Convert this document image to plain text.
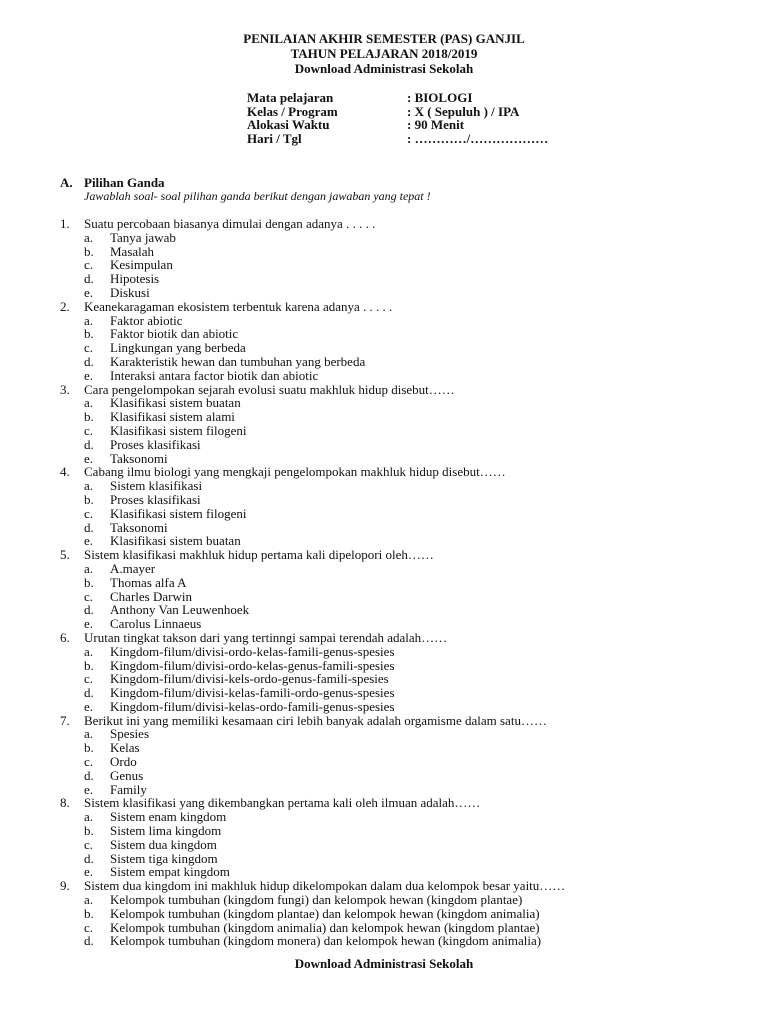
PENILAIAN AKHIR SEMESTER (PAS) GANJIL
TAHUN PELAJARAN 2018/2019
Download Administrasi Sekolah
Mata pelajaran	: BIOLOGI
Kelas / Program	: X ( Sepuluh ) / IPA
Alokasi Waktu	: 90 Menit
Hari / Tgl	: …………/………………
A. Pilihan Ganda
Jawablah soal- soal pilihan ganda berikut dengan jawaban yang tepat !
1.	Suatu percobaan biasanya dimulai dengan adanya . . . . .
a.	Tanya jawab
b.	Masalah
c.	Kesimpulan
d.	Hipotesis
e.	Diskusi
2.	Keanekaragaman ekosistem terbentuk karena adanya . . . . .
a.	Faktor abiotic
b.	Faktor biotik dan abiotic
c.	Lingkungan yang berbeda
d.	Karakteristik hewan dan tumbuhan yang berbeda
e.	Interaksi antara factor biotik dan abiotic
3.	Cara pengelompokan sejarah evolusi suatu makhluk hidup disebut……
a.	Klasifikasi sistem buatan
b.	Klasifikasi sistem alami
c.	Klasifikasi sistem filogeni
d.	Proses klasifikasi
e.	Taksonomi
4.	Cabang ilmu biologi yang mengkaji pengelompokan makhluk hidup disebut……
a.	Sistem klasifikasi
b.	Proses klasifikasi
c.	Klasifikasi sistem filogeni
d.	Taksonomi
e.	Klasifikasi sistem buatan
5.	Sistem klasifikasi makhluk hidup pertama kali dipelopori oleh……
a.	A.mayer
b.	Thomas alfa A
c.	Charles Darwin
d.	Anthony Van Leuwenhoek
e.	Carolus Linnaeus
6.	Urutan tingkat takson dari yang tertinngi sampai terendah adalah……
a.	Kingdom-filum/divisi-ordo-kelas-famili-genus-spesies
b.	Kingdom-filum/divisi-ordo-kelas-genus-famili-spesies
c.	Kingdom-filum/divisi-kels-ordo-genus-famili-spesies
d.	Kingdom-filum/divisi-kelas-famili-ordo-genus-spesies
e.	Kingdom-filum/divisi-kelas-ordo-famili-genus-spesies
7.	Berikut ini yang memiliki kesamaan ciri lebih banyak adalah orgamisme dalam satu……
a.	Spesies
b.	Kelas
c.	Ordo
d.	Genus
e.	Family
8.	Sistem klasifikasi yang dikembangkan pertama kali oleh ilmuan adalah……
a.	Sistem enam kingdom
b.	Sistem lima kingdom
c.	Sistem dua kingdom
d.	Sistem tiga kingdom
e.	Sistem empat kingdom
9.	Sistem dua kingdom ini makhluk hidup dikelompokan dalam dua kelompok besar yaitu……
a.	Kelompok tumbuhan (kingdom fungi) dan kelompok hewan (kingdom plantae)
b.	Kelompok tumbuhan (kingdom plantae) dan kelompok hewan (kingdom animalia)
c.	Kelompok tumbuhan (kingdom animalia) dan kelompok hewan (kingdom plantae)
d.	Kelompok tumbuhan (kingdom monera) dan kelompok hewan (kingdom animalia)
Download Administrasi Sekolah
